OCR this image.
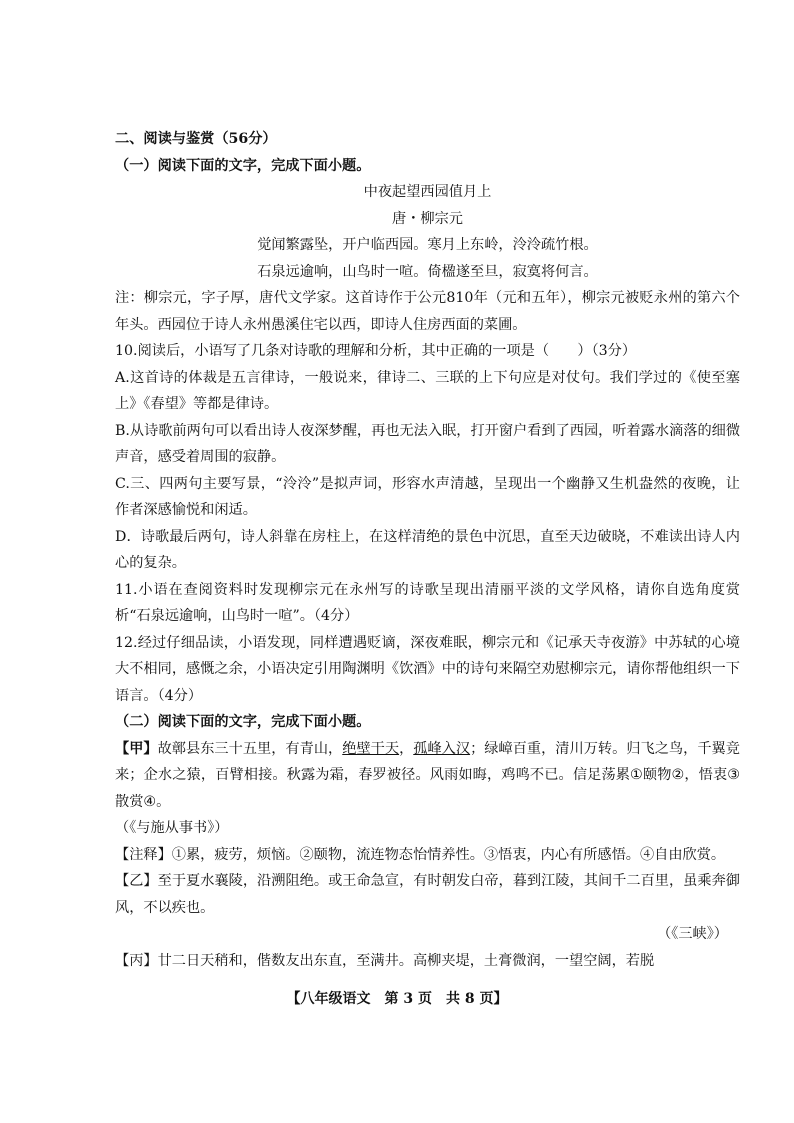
二、阅读与鉴赏（56分）
（一）阅读下面的文字，完成下面小题。
中夜起望西园值月上
唐・柳宗元
觉闻繁露坠，开户临西园。寒月上东岭，泠泠疏竹根。
石泉远逾响，山鸟时一喧。倚楹遂至旦，寂寞将何言。
注：柳宗元，字子厚，唐代文学家。这首诗作于公元810年（元和五年），柳宗元被贬永州的第六个年头。西园位于诗人永州愚溪住宅以西，即诗人住房西面的菜圃。
10.阅读后，小语写了几条对诗歌的理解和分析，其中正确的一项是（　　）（3分）
A.这首诗的体裁是五言律诗，一般说来，律诗二、三联的上下句应是对仗句。我们学过的《使至塞上》《春望》等都是律诗。
B.从诗歌前两句可以看出诗人夜深梦醒，再也无法入眠，打开窗户看到了西园，听着露水滴落的细微声音，感受着周围的寂静。
C.三、四两句主要写景，“泠泠”是拟声词，形容水声清越，呈现出一个幽静又生机盎然的夜晚，让作者深感愉悦和闲适。
D．诗歌最后两句，诗人斜靠在房柱上，在这样清绝的景色中沉思，直至天边破晓，不难读出诗人内心的复杂。
11.小语在查阅资料时发现柳宗元在永州写的诗歌呈现出清丽平淡的文学风格，请你自选角度赏析“石泉远逾响，山鸟时一喧”。（4分）
12.经过仔细品读，小语发现，同样遭遇贬谪，深夜难眠，柳宗元和《记承天寺夜游》中苏轼的心境大不相同，感慨之余，小语决定引用陶渊明《饮酒》中的诗句来隔空劝慰柳宗元，请你帮他组织一下语言。（4分）
（二）阅读下面的文字，完成下面小题。
【甲】故鄣县东三十五里，有青山，绝壁干天，孤峰入汉；绿嶂百重，清川万转。归飞之鸟，千翼竞来；企水之猿，百臂相接。秋露为霜，春罗被径。风雨如晦，鸡鸣不已。信足荡累①颐物②，悟衷③散赏④。
（《与施从事书》）
【注释】①累，疲劳，烦恼。②颐物，流连物态怡情养性。③悟衷，内心有所感悟。④自由欣赏。
【乙】至于夏水襄陵，沿溯阻绝。或王命急宣，有时朝发白帝，暮到江陵，其间千二百里，虽乘奔御风，不以疾也。
（《三峡》）
【丙】廿二日天稍和，偕数友出东直，至满井。高柳夹堤，土膏微润，一望空阔，若脱
【八年级语文　第 3 页　共 8 页】
